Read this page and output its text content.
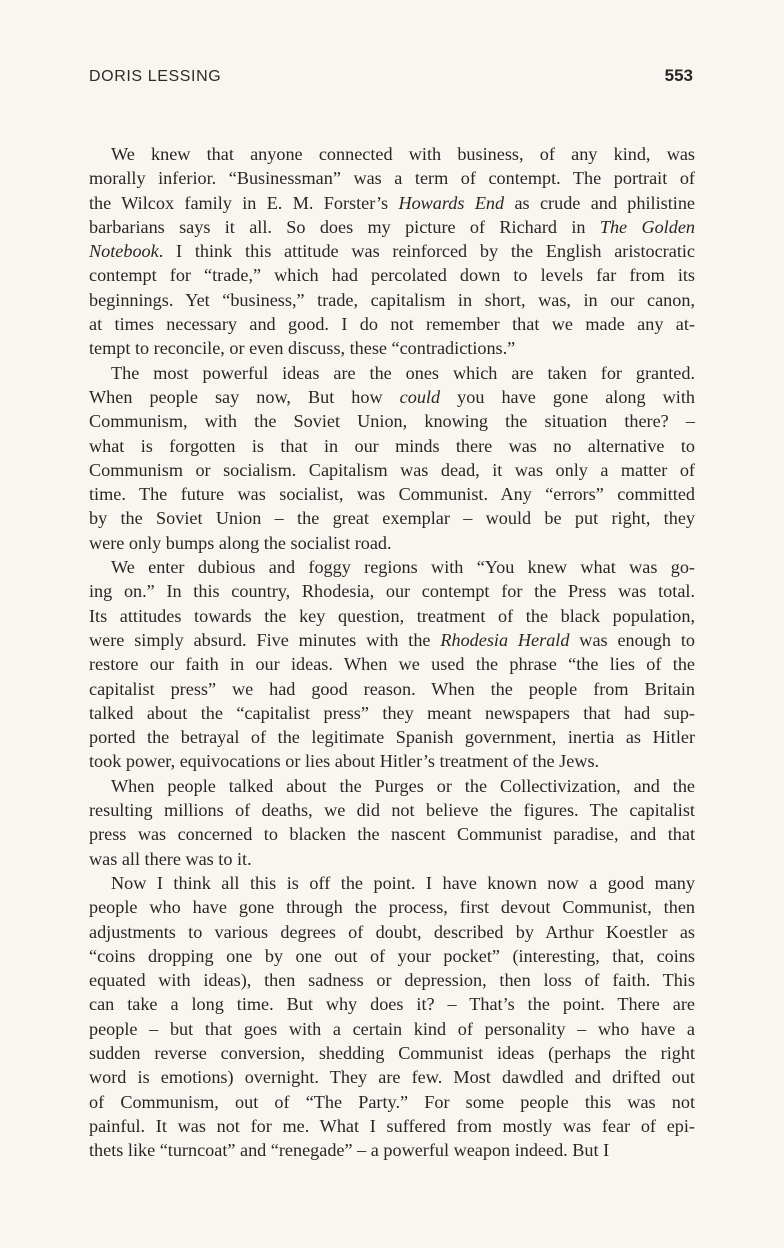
DORIS LESSING	553
We knew that anyone connected with business, of any kind, was
morally inferior. “Businessman” was a term of contempt. The portrait of
the Wilcox family in E. M. Forster’s Howards End as crude and philistine
barbarians says it all. So does my picture of Richard in The Golden
Notebook. I think this attitude was reinforced by the English aristocratic
contempt for “trade,” which had percolated down to levels far from its
beginnings. Yet “business,” trade, capitalism in short, was, in our canon,
at times necessary and good. I do not remember that we made any at-
tempt to reconcile, or even discuss, these “contradictions.”
The most powerful ideas are the ones which are taken for granted.
When people say now, But how could you have gone along with
Communism, with the Soviet Union, knowing the situation there? –
what is forgotten is that in our minds there was no alternative to
Communism or socialism. Capitalism was dead, it was only a matter of
time. The future was socialist, was Communist. Any “errors” committed
by the Soviet Union – the great exemplar – would be put right, they
were only bumps along the socialist road.
We enter dubious and foggy regions with “You knew what was go-
ing on.” In this country, Rhodesia, our contempt for the Press was total.
Its attitudes towards the key question, treatment of the black population,
were simply absurd. Five minutes with the Rhodesia Herald was enough to
restore our faith in our ideas. When we used the phrase “the lies of the
capitalist press” we had good reason. When the people from Britain
talked about the “capitalist press” they meant newspapers that had sup-
ported the betrayal of the legitimate Spanish government, inertia as Hitler
took power, equivocations or lies about Hitler’s treatment of the Jews.
When people talked about the Purges or the Collectivization, and the
resulting millions of deaths, we did not believe the figures. The capitalist
press was concerned to blacken the nascent Communist paradise, and that
was all there was to it.
Now I think all this is off the point. I have known now a good many
people who have gone through the process, first devout Communist, then
adjustments to various degrees of doubt, described by Arthur Koestler as
“coins dropping one by one out of your pocket” (interesting, that, coins
equated with ideas), then sadness or depression, then loss of faith. This
can take a long time. But why does it? – That’s the point. There are
people – but that goes with a certain kind of personality – who have a
sudden reverse conversion, shedding Communist ideas (perhaps the right
word is emotions) overnight. They are few. Most dawdled and drifted out
of Communism, out of “The Party.” For some people this was not
painful. It was not for me. What I suffered from mostly was fear of epi-
thets like “turncoat” and “renegade” – a powerful weapon indeed. But I
